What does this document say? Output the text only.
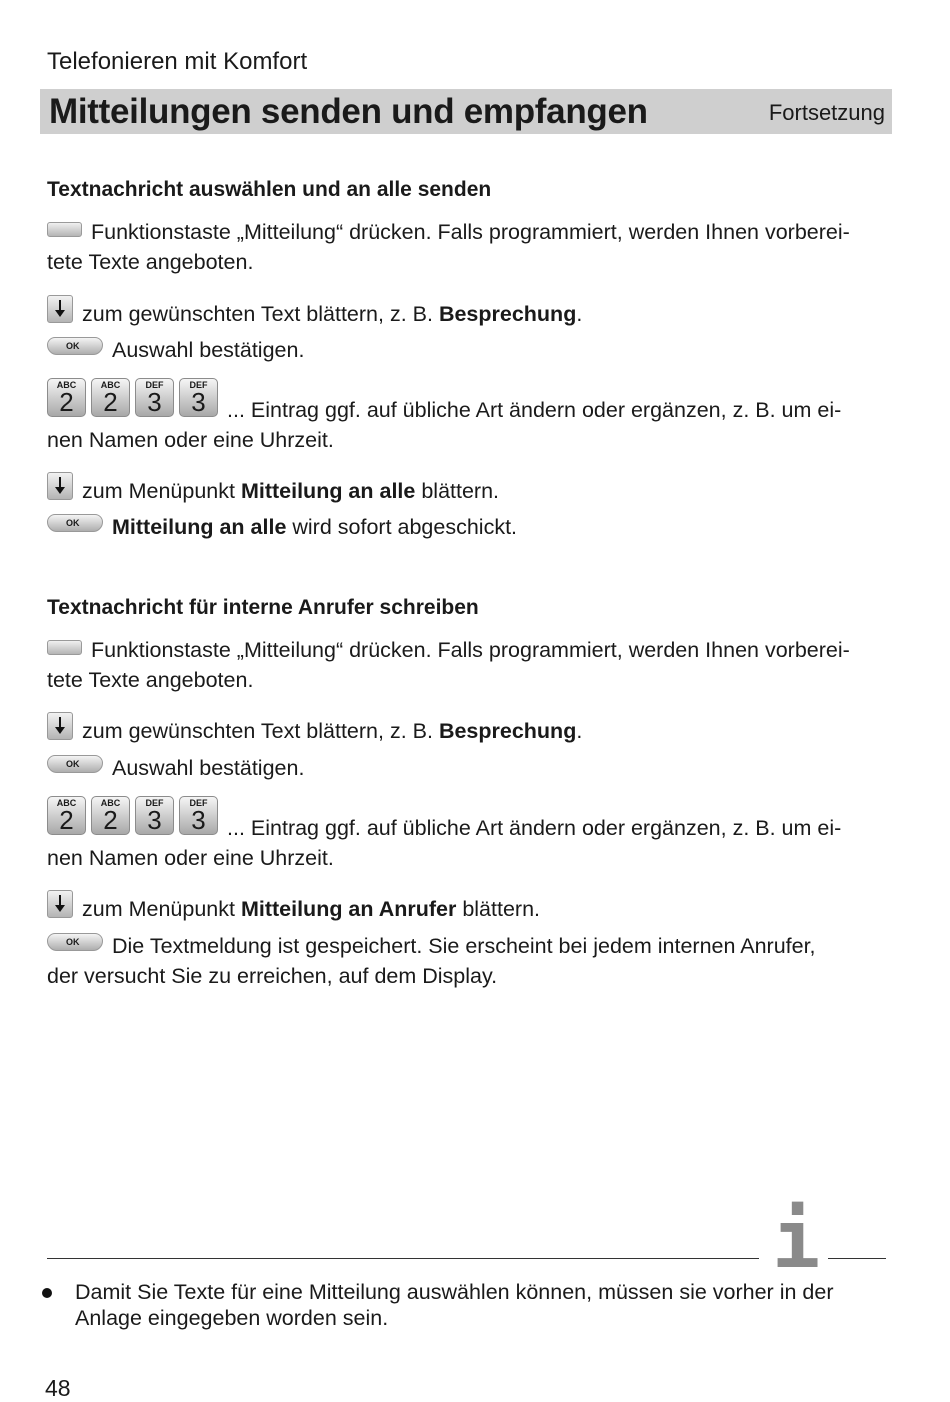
Telefonieren mit Komfort
Mitteilungen senden und empfangen	Fortsetzung
Textnachricht auswählen und an alle senden
Funktionstaste „Mitteilung“ drücken. Falls programmiert, werden Ihnen vorberei-
tete Texte angeboten.
zum gewünschten Text blättern, z. B. Besprechung.
OK Auswahl bestätigen.
ABC
2
ABC
2
DEF
3
DEF
3 ... Eintrag ggf. auf übliche Art ändern oder ergänzen, z. B. um ei-
nen Namen oder eine Uhrzeit.
zum Menüpunkt Mitteilung an alle blättern.
OK Mitteilung an alle wird sofort abgeschickt.
Textnachricht für interne Anrufer schreiben
Funktionstaste „Mitteilung“ drücken. Falls programmiert, werden Ihnen vorberei-
tete Texte angeboten.
zum gewünschten Text blättern, z. B. Besprechung.
OK Auswahl bestätigen.
ABC
2
ABC
2
DEF
3
DEF
3 ... Eintrag ggf. auf übliche Art ändern oder ergänzen, z. B. um ei-
nen Namen oder eine Uhrzeit.
zum Menüpunkt Mitteilung an Anrufer blättern.
OK Die Textmeldung ist gespeichert. Sie erscheint bei jedem internen Anrufer,
der versucht Sie zu erreichen, auf dem Display.
i
Damit Sie Texte für eine Mitteilung auswählen können, müssen sie vorher in der
Anlage eingegeben worden sein.
48
